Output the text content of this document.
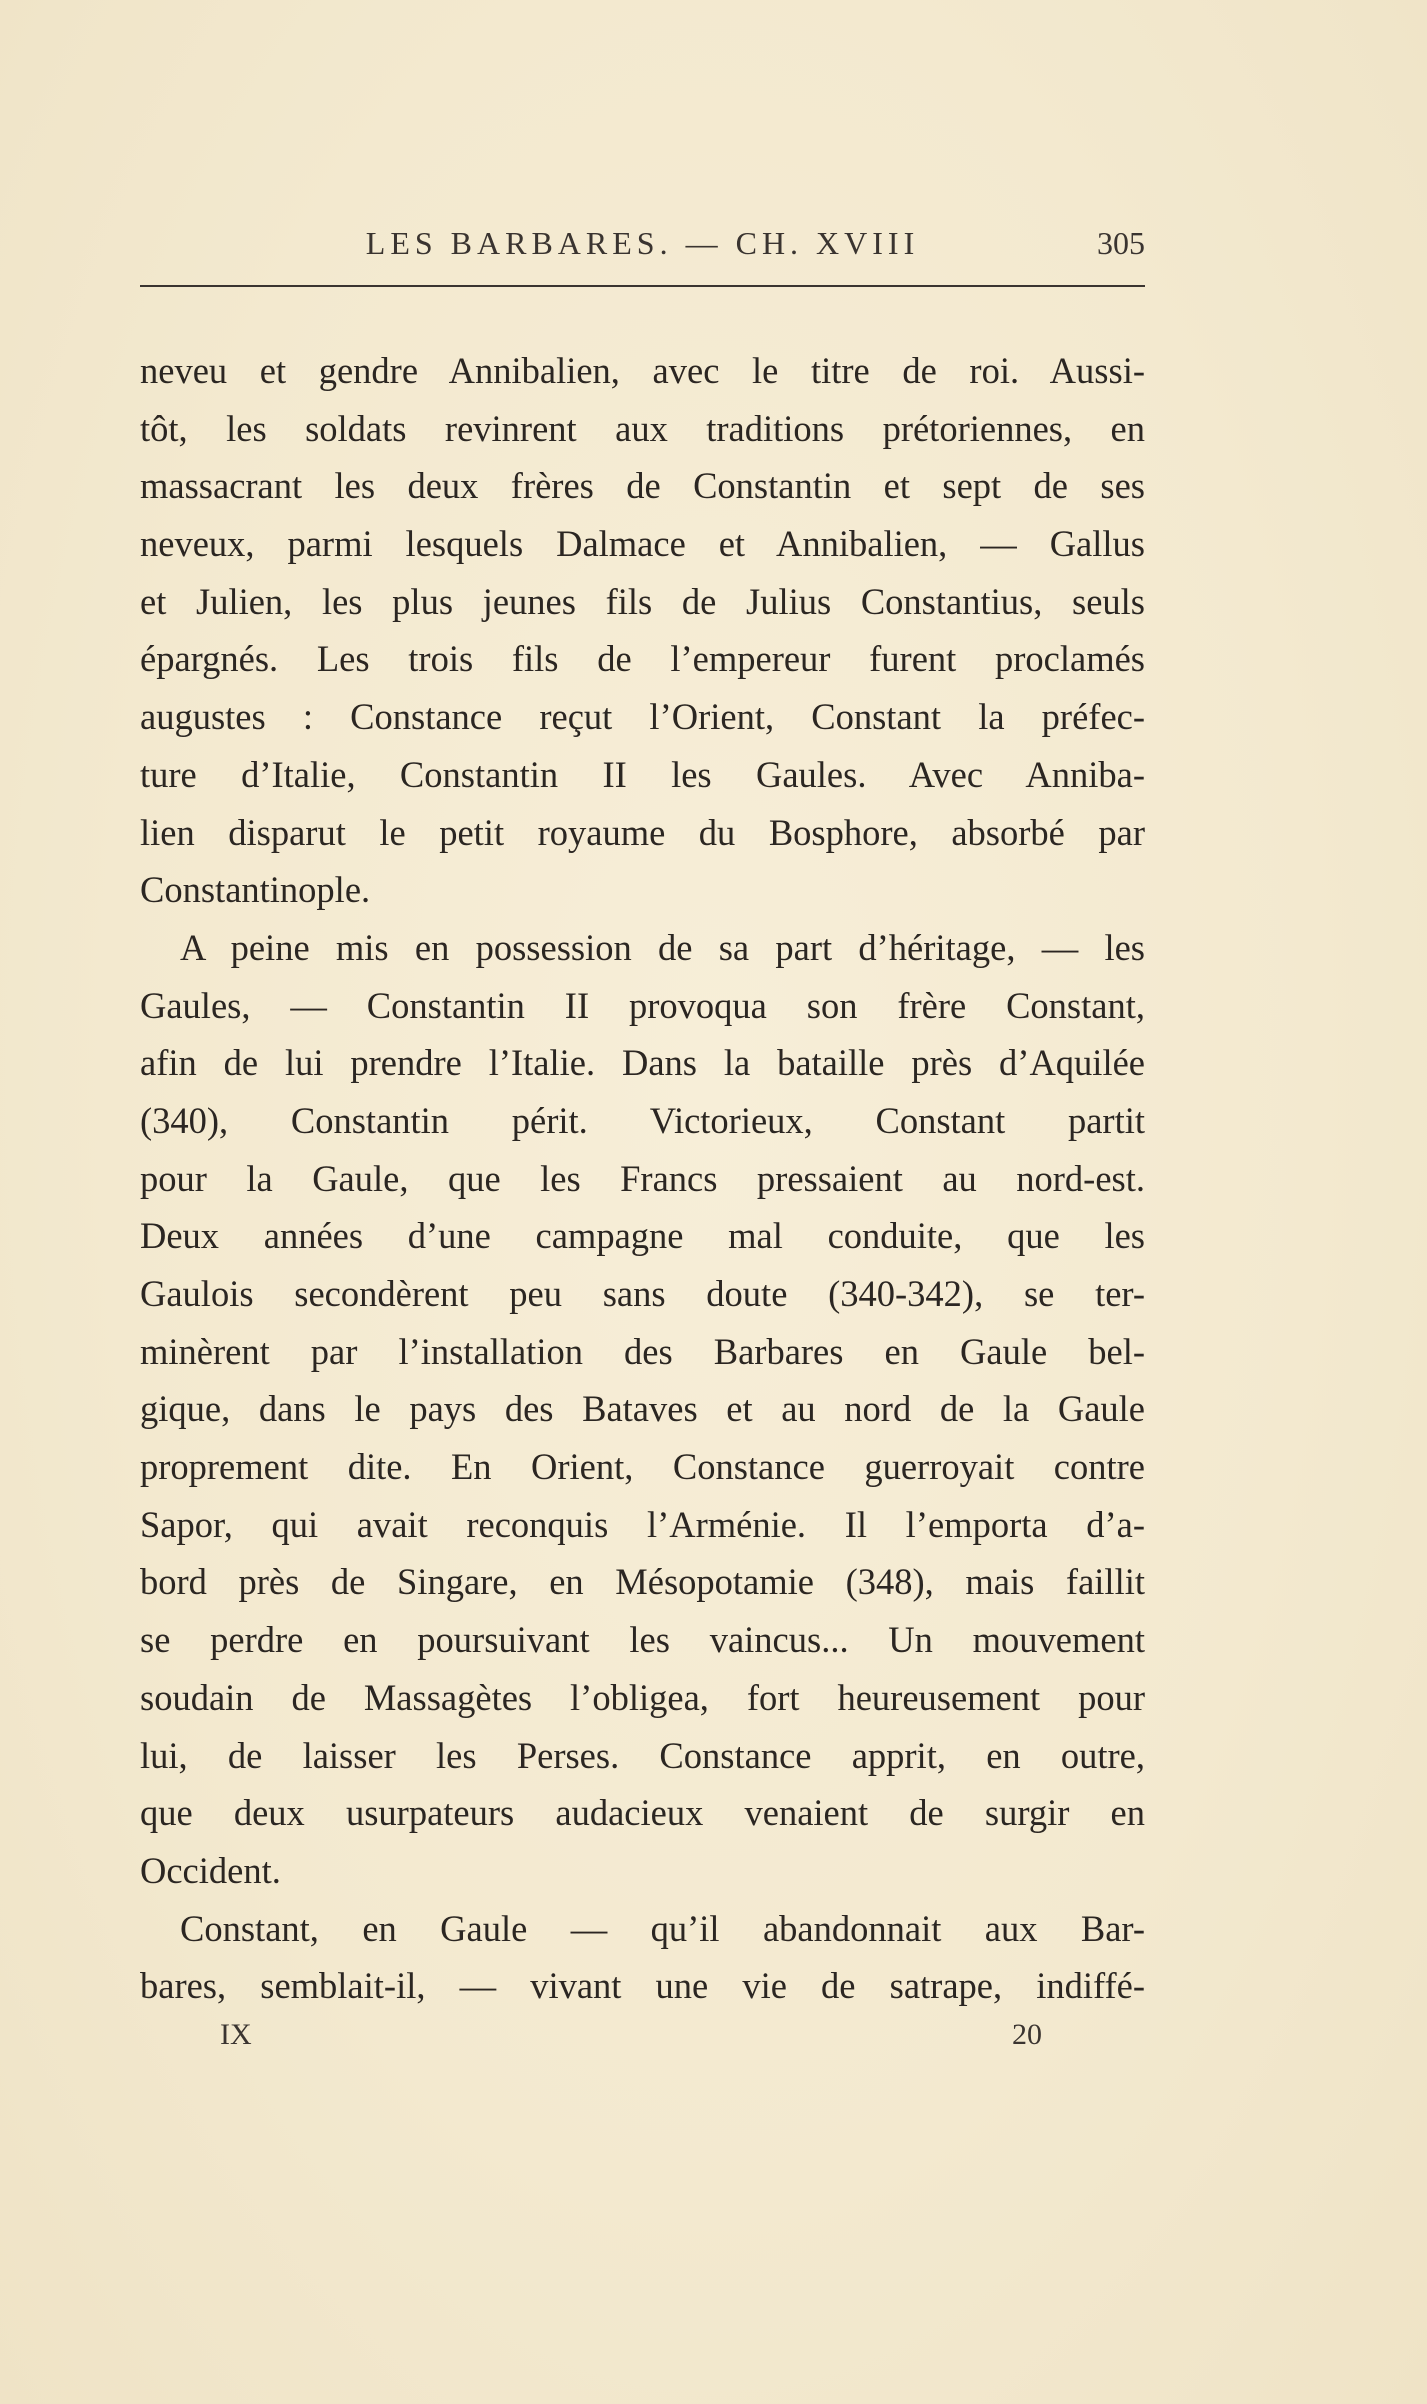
LES BARBARES. — CH. XVIII	305
neveu et gendre Annibalien, avec le titre de roi. Aussi-
tôt, les soldats revinrent aux traditions prétoriennes, en
massacrant les deux frères de Constantin et sept de ses
neveux, parmi lesquels Dalmace et Annibalien, — Gallus
et Julien, les plus jeunes fils de Julius Constantius, seuls
épargnés. Les trois fils de l’empereur furent proclamés
augustes : Constance reçut l’Orient, Constant la préfec-
ture d’Italie, Constantin II les Gaules. Avec Anniba-
lien disparut le petit royaume du Bosphore, absorbé par
Constantinople.
A peine mis en possession de sa part d’héritage, — les
Gaules, — Constantin II provoqua son frère Constant,
afin de lui prendre l’Italie. Dans la bataille près d’Aquilée
(340), Constantin périt. Victorieux, Constant partit
pour la Gaule, que les Francs pressaient au nord-est.
Deux années d’une campagne mal conduite, que les
Gaulois secondèrent peu sans doute (340-342), se ter-
minèrent par l’installation des Barbares en Gaule bel-
gique, dans le pays des Bataves et au nord de la Gaule
proprement dite. En Orient, Constance guerroyait contre
Sapor, qui avait reconquis l’Arménie. Il l’emporta d’a-
bord près de Singare, en Mésopotamie (348), mais faillit
se perdre en poursuivant les vaincus... Un mouvement
soudain de Massagètes l’obligea, fort heureusement pour
lui, de laisser les Perses. Constance apprit, en outre,
que deux usurpateurs audacieux venaient de surgir en
Occident.
Constant, en Gaule — qu’il abandonnait aux Bar-
bares, semblait-il, — vivant une vie de satrape, indiffé-
IX	20
